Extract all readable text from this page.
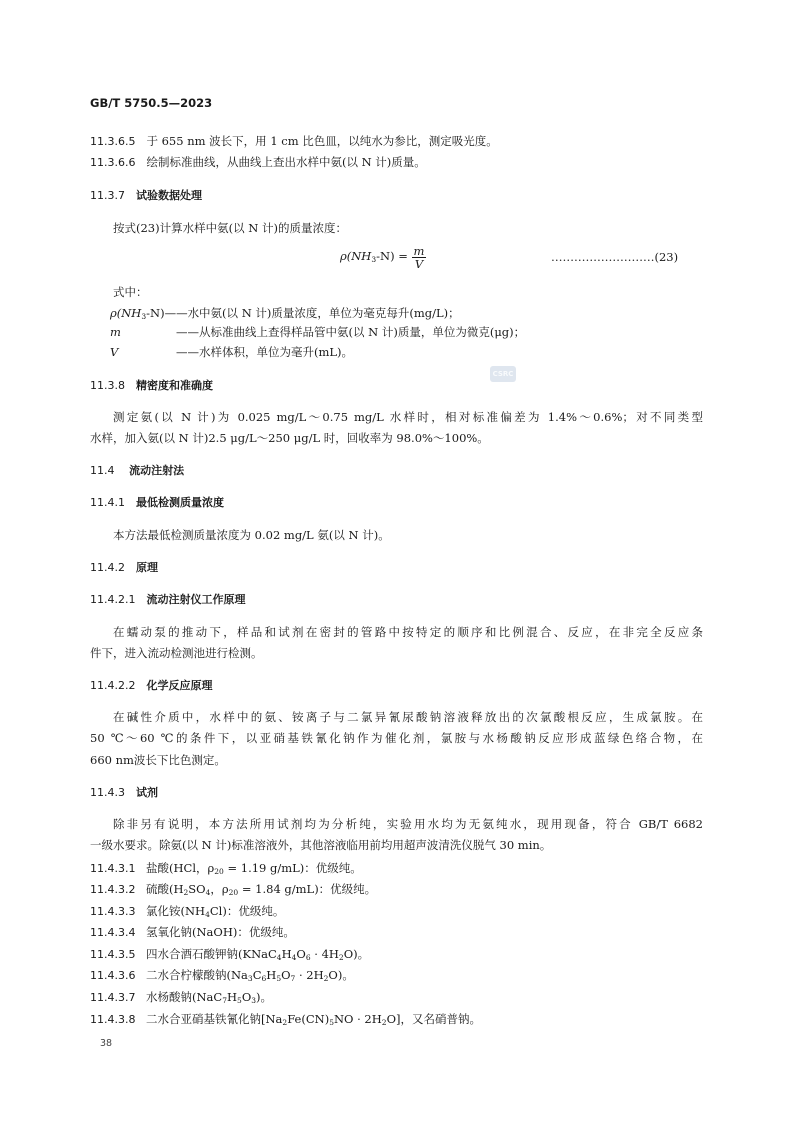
GB/T 5750.5—2023
11.3.6.5 于 655 nm 波长下，用 1 cm 比色皿，以纯水为参比，测定吸光度。
11.3.6.6 绘制标准曲线，从曲线上查出水样中氨(以 N 计)质量。
11.3.7 试验数据处理
按式(23)计算水样中氨(以 N 计)的质量浓度：
$\rho(NH_3-N) = \frac{m}{V}$	………………………(23)
式中：
$\rho(NH_3-N)——$水中氨(以 N 计)质量浓度，单位为毫克每升(mg/L)；
m	——从标准曲线上查得样品管中氨(以 N 计)质量，单位为微克(μg)；
V	——水样体积，单位为毫升(mL)。
CSRC
11.3.8 精密度和准确度
测定氨(以 N 计)为 0.025 mg/L～0.75 mg/L 水样时，相对标准偏差为 1.4%～0.6%；对不同类型
水样，加入氨(以 N 计)2.5 μg/L～250 μg/L 时，回收率为 98.0%～100%。
11.4 流动注射法
11.4.1 最低检测质量浓度
本方法最低检测质量浓度为 0.02 mg/L 氨(以 N 计)。
11.4.2 原理
11.4.2.1 流动注射仪工作原理
在蠕动泵的推动下，样品和试剂在密封的管路中按特定的顺序和比例混合、反应，在非完全反应条
件下，进入流动检测池进行检测。
11.4.2.2 化学反应原理
在碱性介质中，水样中的氨、铵离子与二氯异氰尿酸钠溶液释放出的次氯酸根反应，生成氯胺。在
50 ℃～60 ℃的条件下，以亚硝基铁氰化钠作为催化剂，氯胺与水杨酸钠反应形成蓝绿色络合物，在
660 nm波长下比色测定。
11.4.3 试剂
除非另有说明，本方法所用试剂均为分析纯，实验用水均为无氨纯水，现用现备，符合 GB/T 6682
一级水要求。除氨(以 N 计)标准溶液外，其他溶液临用前均用超声波清洗仪脱气 30 min。
11.4.3.1 盐酸(HCl，$\rho_{20} = 1.19$ g/mL)：优级纯。
11.4.3.2 硫酸($H_2SO_4$，$\rho_{20} = 1.84$ g/mL)：优级纯。
11.4.3.3 氯化铵$(NH_4Cl)$：优级纯。
11.4.3.4 氢氧化钠(NaOH)：优级纯。
11.4.3.5 四水合酒石酸钾钠$(KNaC_4H_4O_6 \cdot 4H_2O)$。
11.4.3.6 二水合柠檬酸钠$(Na_3C_6H_5O_7 \cdot 2H_2O)$。
11.4.3.7 水杨酸钠$(NaC_7H_5O_3)$。
11.4.3.8 二水合亚硝基铁氰化钠$[Na_2Fe(CN)_5NO \cdot 2H_2O]$，又名硝普钠。
38
